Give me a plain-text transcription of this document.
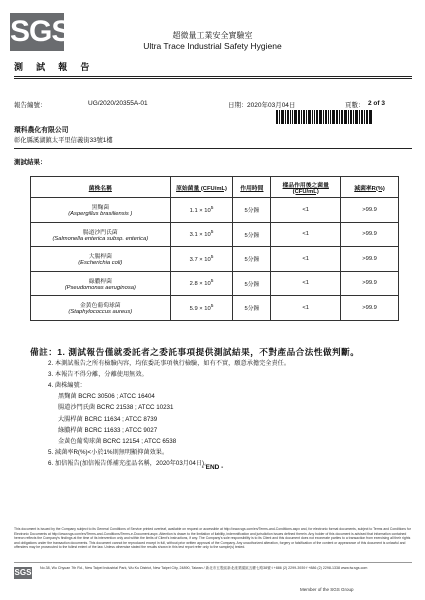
SGS	超微量工業安全實驗室
Ultra Trace Industrial Safety Hygiene
測 試 報 告
報告編號：	UG/2020/20355A-01	日期： 2020年03月04日	頁數： 2 of 3
環科農化有限公司
彰化縣溪湖鎮太平里信義街33號1樓
測試結果：
菌株名稱	原始菌量 (CFU/mL)	作用時間	樣品作用後之菌量(CFU/mL)	減菌率R(%)

黑麴菌
(Aspergillus brasiliensis )	$1.1 \times 10^5$	5分鐘	<1	>99.9

腸道沙門氏菌
(Salmonella enterica subsp. enterica)	$3.1 \times 10^5$	5分鐘	<1	>99.9

大腸桿菌
(Escherichia coli)	$3.7 \times 10^5$	5分鐘	<1	>99.9

綠膿桿菌
(Pseudomonas aeruginosa)	$2.8 \times 10^5$	5分鐘	<1	>99.9

金黃色葡萄球菌
(Staphylococcus aureus)	$5.9 \times 10^5$	5分鐘	<1	>99.9
備註：1. 測試報告僅就委託者之委託事項提供測試結果，不對產品合法性做判斷。
2. 本測試報告之所有檢驗內容，均依委託事項執行檢驗，如有不實，願意承擔完全責任。
3. 本報告不得分離，分離使用無效。
4. 菌株編號：
黑麴菌 BCRC 30506 ; ATCC 16404
腸道沙門氏菌 BCRC 21538 ; ATCC 10231
大腸桿菌 BCRC 11634 ; ATCC 8739
綠膿桿菌 BCRC 11633 ; ATCC 9027
金黃色葡萄球菌 BCRC 12154 ; ATCC 6538
5. 減菌率R(%)<小於1%則無明顯抑菌效果。
6. 加信報告(加信報告係補充產品名稱，2020年03月04日)。
- END -
This document is issued by the Company subject to its General Conditions of Service printed overleaf, available on request or accessible at http://www.sgs.com/en/Terms-and-Conditions.aspx and, for electronic format documents, subject to Terms and Conditions for Electronic Documents at http://www.sgs.com/en/Terms-and-Conditions/Terms-e-Document.aspx. Attention is drawn to the limitation of liability, indemnification and jurisdiction issues defined therein. Any holder of this document is advised that information contained hereon reflects the Company's findings at the time of its intervention only and within the limits of Client's instructions, if any. The Company's sole responsibility is to its Client and this document does not exonerate parties to a transaction from exercising all their rights and obligations under the transaction documents. This document cannot be reproduced except in full, without prior written approval of the Company. Any unauthorized alteration, forgery or falsification of the content or appearance of this document is unlawful and offenders may be prosecuted to the fullest extent of the law. Unless otherwise stated the results shown in this test report refer only to the sample(s) tested.
SGS No.38, Wu Chyuan 7th Rd., New Taipei Industrial Park, Wu Ku District, New Taipei City, 24890, Taiwan / 新北市五股區新北產業園區五權七路38號 t +886 (2) 2299-3939 f +886 (2) 2298-1338 www.tw.sgs.com
Member of the SGS Group
